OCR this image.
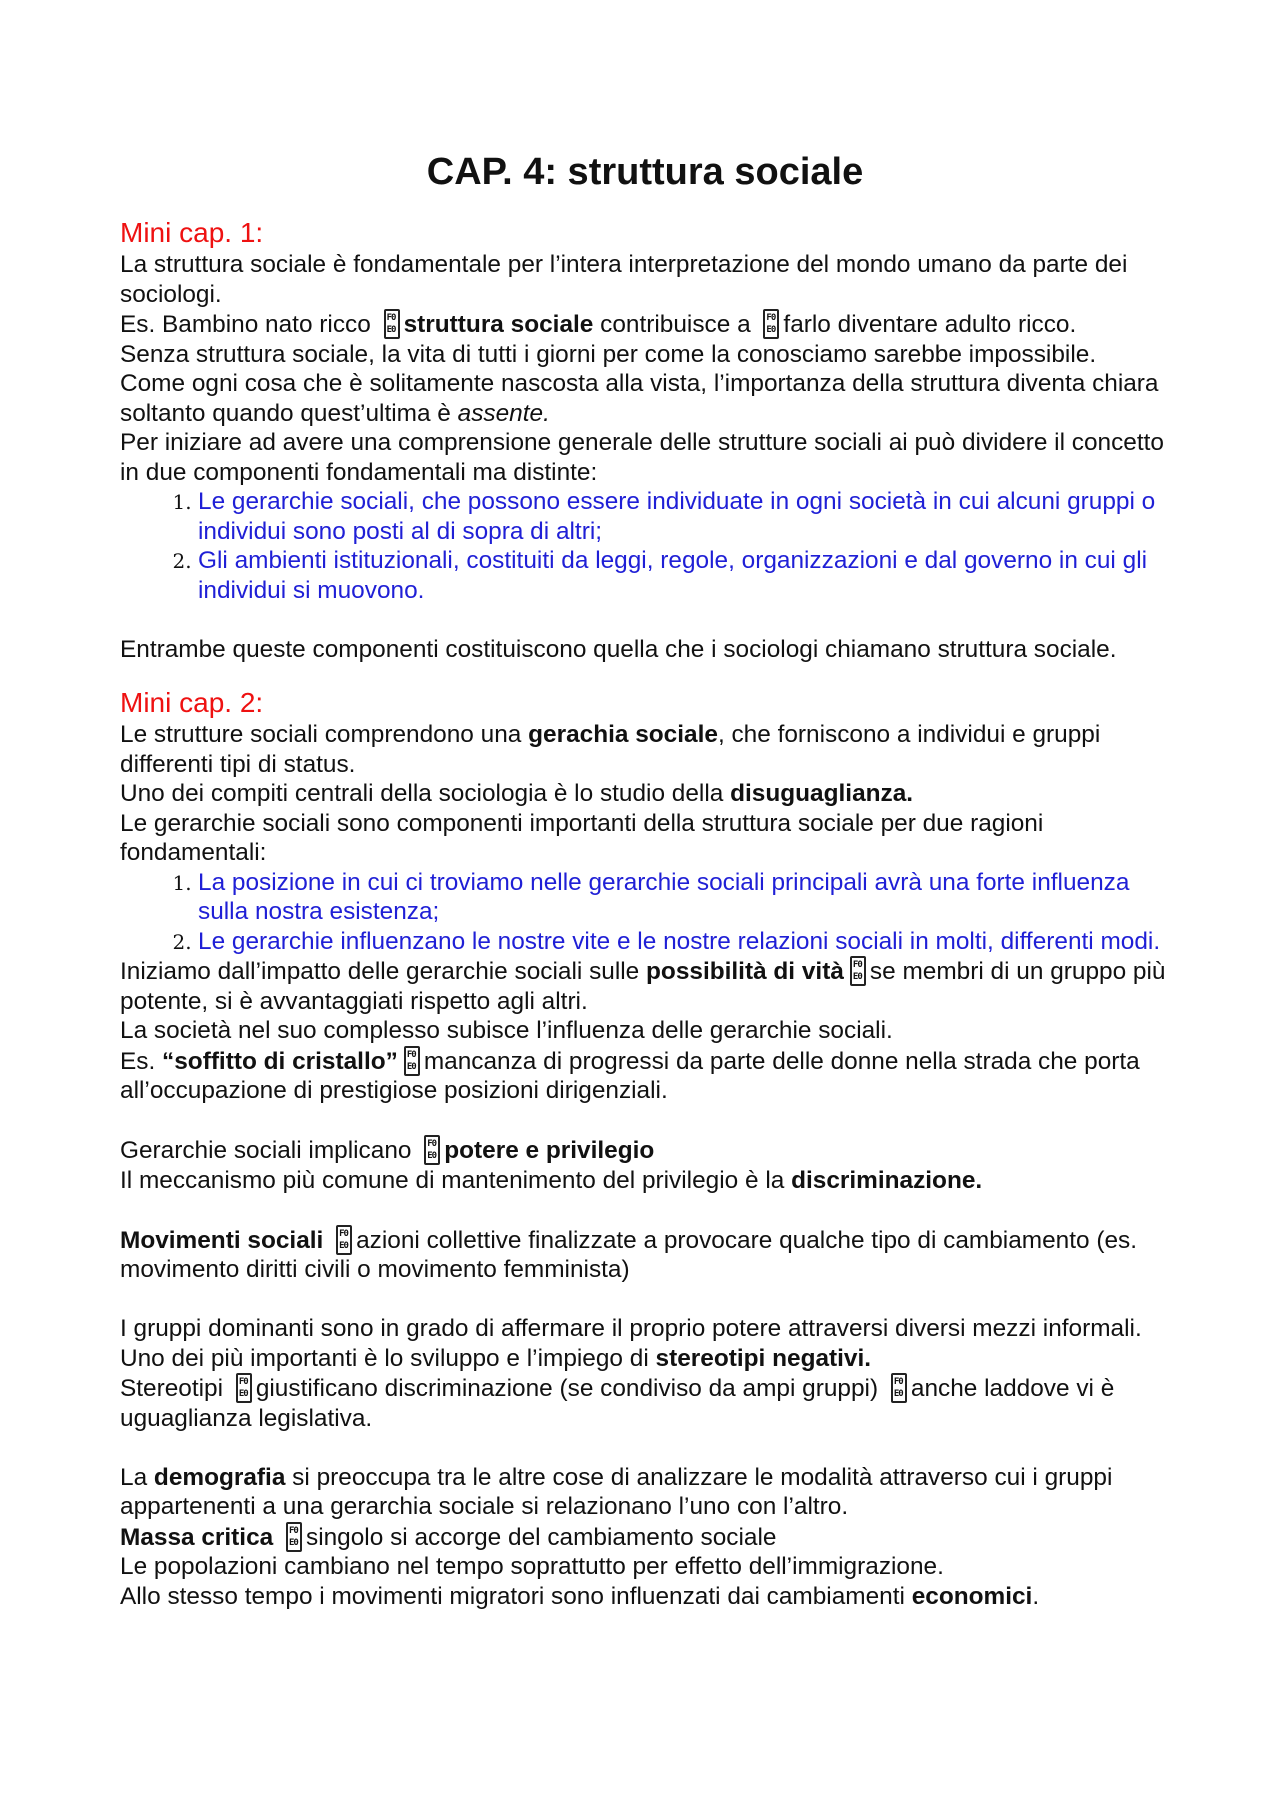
CAP. 4: struttura sociale
Mini cap. 1:

La struttura sociale è fondamentale per l’intera interpretazione del mondo umano da parte dei sociologi.

Es. Bambino nato ricco F0 E0struttura sociale contribuisce a F0 E0farlo diventare adulto ricco.

Senza struttura sociale, la vita di tutti i giorni per come la conosciamo sarebbe impossibile.

Come ogni cosa che è solitamente nascosta alla vista, l’importanza della struttura diventa chiara soltanto quando quest’ultima è assente.

Per iniziare ad avere una comprensione generale delle strutture sociali ai può dividere il concetto in due componenti fondamentali ma distinte:

1. Le gerarchie sociali, che possono essere individuate in ogni società in cui alcuni gruppi o individui sono posti al di sopra di altri;
2. Gli ambienti istituzionali, costituiti da leggi, regole, organizzazioni e dal governo in cui gli individui si muovono.

Entrambe queste componenti costituiscono quella che i sociologi chiamano struttura sociale.

Mini cap. 2:

Le strutture sociali comprendono una gerachia sociale, che forniscono a individui e gruppi differenti tipi di status.

Uno dei compiti centrali della sociologia è lo studio della disuguaglianza.

Le gerarchie sociali sono componenti importanti della struttura sociale per due ragioni fondamentali:

1. La posizione in cui ci troviamo nelle gerarchie sociali principali avrà una forte influenza sulla nostra esistenza;
2. Le gerarchie influenzano le nostre vite e le nostre relazioni sociali in molti, differenti modi.

Iniziamo dall’impatto delle gerarchie sociali sulle possibilità di vità F0 E0 se membri di un gruppo più potente, si è avvantaggiati rispetto agli altri.

La società nel suo complesso subisce l’influenza delle gerarchie sociali.

Es. “soffitto di cristallo” F0 E0 mancanza di progressi da parte delle donne nella strada che porta all’occupazione di prestigiose posizioni dirigenziali.

Gerarchie sociali implicano F0 E0potere e privilegio

Il meccanismo più comune di mantenimento del privilegio è la discriminazione.

Movimenti sociali F0 E0azioni collettive finalizzate a provocare qualche tipo di cambiamento (es. movimento diritti civili o movimento femminista)

I gruppi dominanti sono in grado di affermare il proprio potere attraversi diversi mezzi informali. Uno dei più importanti è lo sviluppo e l’impiego di stereotipi negativi.

Stereotipi F0 E0giustificano discriminazione (se condiviso da ampi gruppi) F0 E0anche laddove vi è uguaglianza legislativa.

La demografia si preoccupa tra le altre cose di analizzare le modalità attraverso cui i gruppi appartenenti a una gerarchia sociale si relazionano l’uno con l’altro.

Massa critica F0 E0singolo si accorge del cambiamento sociale

Le popolazioni cambiano nel tempo soprattutto per effetto dell’immigrazione.

Allo stesso tempo i movimenti migratori sono influenzati dai cambiamenti economici.
